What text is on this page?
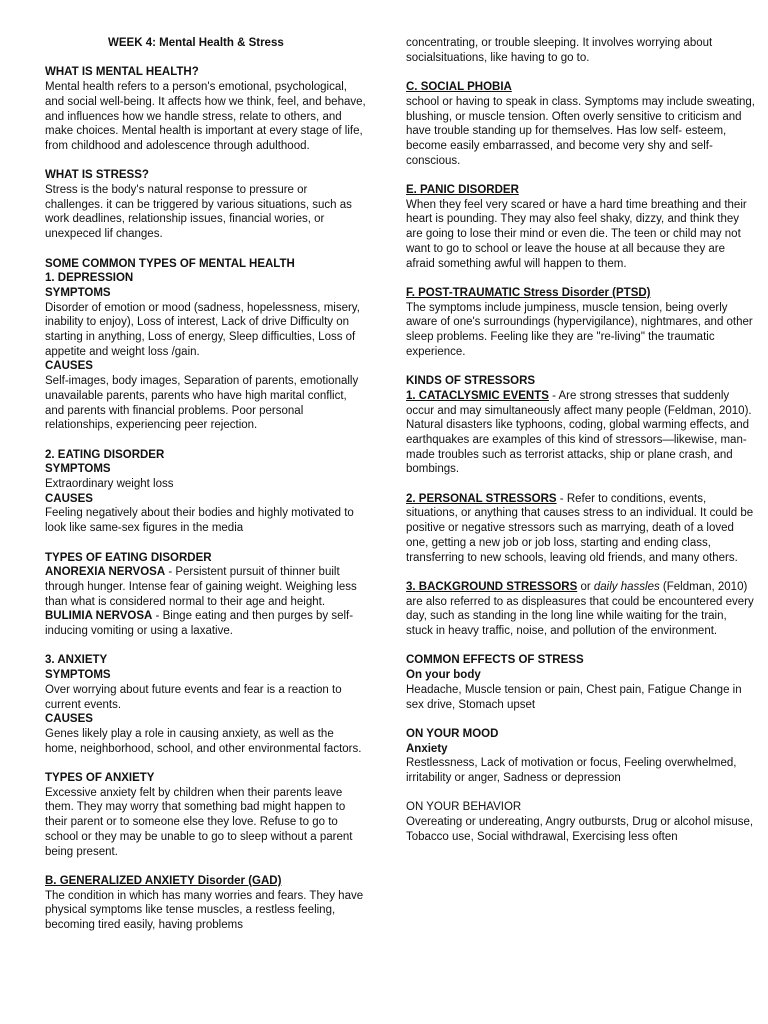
WEEK 4: Mental Health & Stress

WHAT IS MENTAL HEALTH?

Mental health refers to a person's emotional, psychological, and social well-being. It affects how we think, feel, and behave, and influences how we handle stress, relate to others, and make choices. Mental health is important at every stage of life, from childhood and adolescence through adulthood.

WHAT IS STRESS?

Stress is the body's natural response to pressure or challenges. it can be triggered by various situations, such as work deadlines, relationship issues, financial wories, or unexpeced lif changes.

SOME COMMON TYPES OF MENTAL HEALTH

1. DEPRESSION

SYMPTOMS

Disorder of emotion or mood (sadness, hopelessness, misery, inability to enjoy), Loss of interest, Lack of drive Difficulty on starting in anything, Loss of energy, Sleep difficulties, Loss of appetite and weight loss /gain.

CAUSES

Self-images, body images, Separation of parents, emotionally unavailable parents, parents who have high marital conflict, and parents with financial problems. Poor personal relationships, experiencing peer rejection.

2. EATING DISORDER

SYMPTOMS

Extraordinary weight loss

CAUSES

Feeling negatively about their bodies and highly motivated to look like same-sex figures in the media

TYPES OF EATING DISORDER

ANOREXIA NERVOSA - Persistent pursuit of thinner built through hunger. Intense fear of gaining weight. Weighing less than what is considered normal to their age and height.

BULIMIA NERVOSA - Binge eating and then purges by self-inducing vomiting or using a laxative.

3. ANXIETY

SYMPTOMS

Over worrying about future events and fear is a reaction to current events.

CAUSES

Genes likely play a role in causing anxiety, as well as the home, neighborhood, school, and other environmental factors.

TYPES OF ANXIETY

Excessive anxiety felt by children when their parents leave them. They may worry that something bad might happen to their parent or to someone else they love. Refuse to go to school or they may be unable to go to sleep without a parent being present.

B. GENERALIZED ANXIETY Disorder (GAD)

The condition in which has many worries and fears. They have physical symptoms like tense muscles, a restless feeling, becoming tired easily, having problems

concentrating, or trouble sleeping. It involves worrying about socialsituations, like having to go to.

C. SOCIAL PHOBIA

school or having to speak in class. Symptoms may include sweating, blushing, or muscle tension. Often overly sensitive to criticism and have trouble standing up for themselves. Has low self- esteem, become easily embarrassed, and become very shy and self- conscious.

E. PANIC DISORDER

When they feel very scared or have a hard time breathing and their heart is pounding. They may also feel shaky, dizzy, and think they are going to lose their mind or even die. The teen or child may not want to go to school or leave the house at all because they are afraid something awful will happen to them.

F. POST-TRAUMATIC Stress Disorder (PTSD)

The symptoms include jumpiness, muscle tension, being overly aware of one's surroundings (hypervigilance), nightmares, and other sleep problems. Feeling like they are "re-living" the traumatic experience.

KINDS OF STRESSORS

1. CATACLYSMIC EVENTS - Are strong stresses that suddenly occur and may simultaneously affect many people (Feldman, 2010). Natural disasters like typhoons, coding, global warming effects, and earthquakes are examples of this kind of stressors—likewise, man-made troubles such as terrorist attacks, ship or plane crash, and bombings.

2. PERSONAL STRESSORS - Refer to conditions, events, situations, or anything that causes stress to an individual. It could be positive or negative stressors such as marrying, death of a loved one, getting a new job or job loss, starting and ending class, transferring to new schools, leaving old friends, and many others.

3. BACKGROUND STRESSORS or daily hassles (Feldman, 2010) are also referred to as displeasures that could be encountered every day, such as standing in the long line while waiting for the train, stuck in heavy traffic, noise, and pollution of the environment.

COMMON EFFECTS OF STRESS

On your body

Headache, Muscle tension or pain, Chest pain, Fatigue Change in sex drive, Stomach upset

ON YOUR MOOD

Anxiety

Restlessness, Lack of motivation or focus, Feeling overwhelmed, irritability or anger, Sadness or depression

ON YOUR BEHAVIOR

Overeating or undereating, Angry outbursts, Drug or alcohol misuse, Tobacco use, Social withdrawal, Exercising less often
